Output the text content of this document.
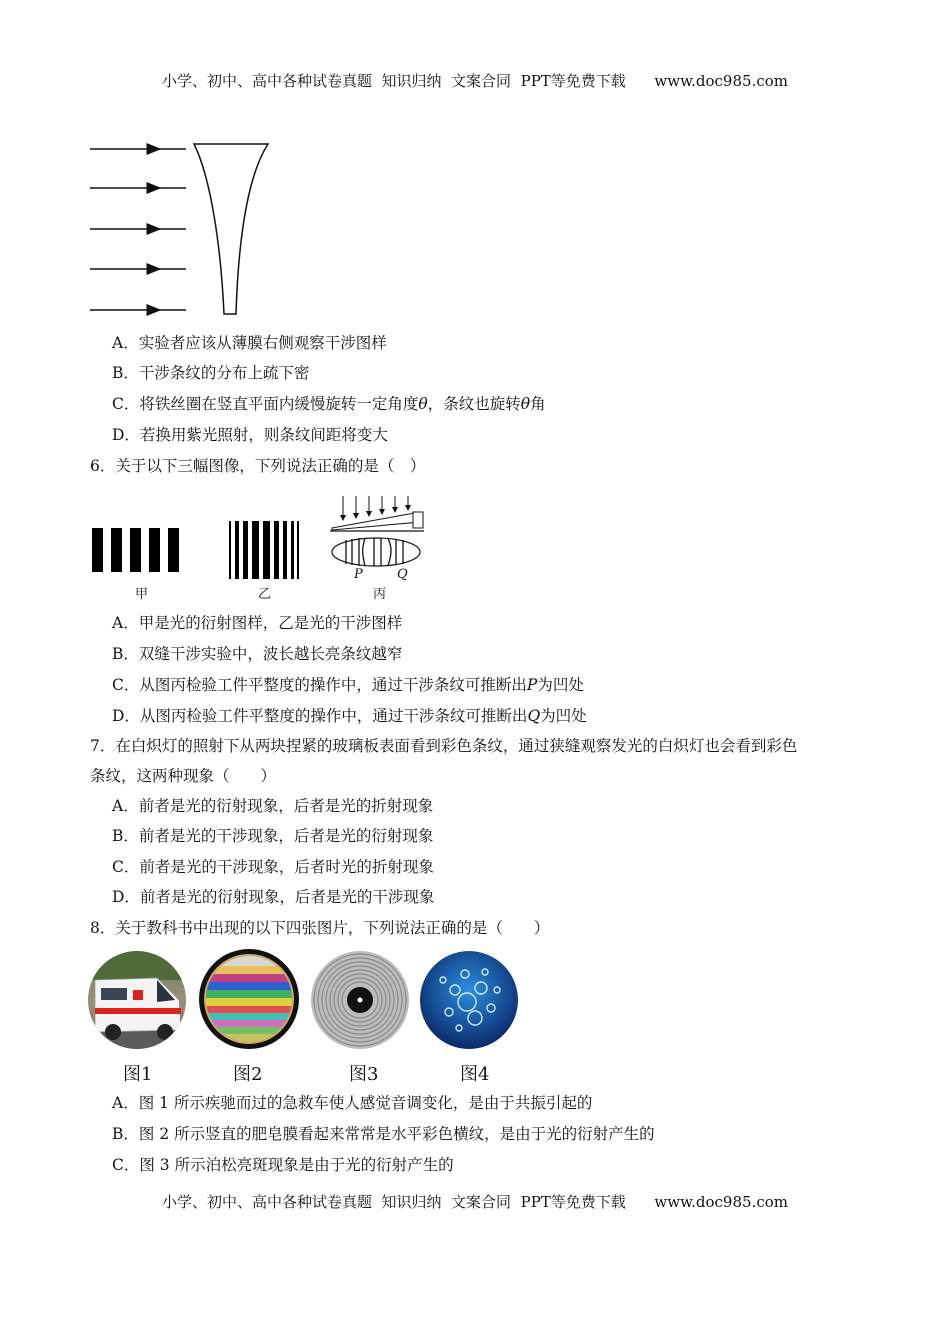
小学、初中、高中各种试卷真题  知识归纳  文案合同  PPT等免费下载      www.doc985.com
A．实验者应该从薄膜右侧观察干涉图样
B．干涉条纹的分布上疏下密
C．将铁丝圈在竖直平面内缓慢旋转一定角度θ，条纹也旋转θ角
D．若换用紫光照射，则条纹间距将变大
6．关于以下三幅图像，下列说法正确的是（　）
甲	乙
P	Q
丙
A．甲是光的衍射图样，乙是光的干涉图样
B．双缝干涉实验中，波长越长亮条纹越窄
C．从图丙检验工件平整度的操作中，通过干涉条纹可推断出P为凹处
D．从图丙检验工件平整度的操作中，通过干涉条纹可推断出Q为凹处
7．在白炽灯的照射下从两块捏紧的玻璃板表面看到彩色条纹，通过狭缝观察发光的白炽灯也会看到彩色
条纹，这两种现象（　　）
A．前者是光的衍射现象，后者是光的折射现象
B．前者是光的干涉现象，后者是光的衍射现象
C．前者是光的干涉现象，后者时光的折射现象
D．前者是光的衍射现象，后者是光的干涉现象
8．关于教科书中出现的以下四张图片，下列说法正确的是（　　）
图1	图2	图3	图4
A．图 1 所示疾驰而过的急救车使人感觉音调变化，是由于共振引起的
B．图 2 所示竖直的肥皂膜看起来常常是水平彩色横纹，是由于光的衍射产生的
C．图 3 所示泊松亮斑现象是由于光的衍射产生的
小学、初中、高中各种试卷真题  知识归纳  文案合同  PPT等免费下载      www.doc985.com
